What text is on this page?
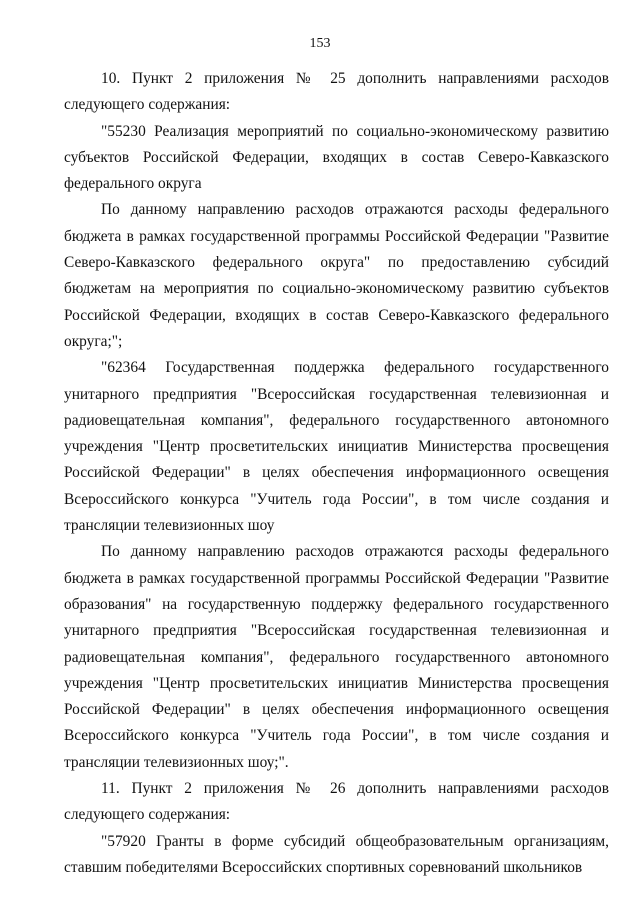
153

10. Пункт 2 приложения № 25 дополнить направлениями расходов следующего содержания:

"55230 Реализация мероприятий по социально-экономическому развитию субъектов Российской Федерации, входящих в состав Северо-Кавказского федерального округа

По данному направлению расходов отражаются расходы федерального бюджета в рамках государственной программы Российской Федерации "Развитие Северо-Кавказского федерального округа" по предоставлению субсидий бюджетам на мероприятия по социально-экономическому развитию субъектов Российской Федерации, входящих в состав Северо-Кавказского федерального округа;";

"62364 Государственная поддержка федерального государственного унитарного предприятия "Всероссийская государственная телевизионная и радиовещательная компания", федерального государственного автономного учреждения "Центр просветительских инициатив Министерства просвещения Российской Федерации" в целях обеспечения информационного освещения Всероссийского конкурса "Учитель года России", в том числе создания и трансляции телевизионных шоу

По данному направлению расходов отражаются расходы федерального бюджета в рамках государственной программы Российской Федерации "Развитие образования" на государственную поддержку федерального государственного унитарного предприятия "Всероссийская государственная телевизионная и радиовещательная компания", федерального государственного автономного учреждения "Центр просветительских инициатив Министерства просвещения Российской Федерации" в целях обеспечения информационного освещения Всероссийского конкурса "Учитель года России", в том числе создания и трансляции телевизионных шоу;".

11. Пункт 2 приложения № 26 дополнить направлениями расходов следующего содержания:

"57920 Гранты в форме субсидий общеобразовательным организациям, ставшим победителями Всероссийских спортивных соревнований школьников
